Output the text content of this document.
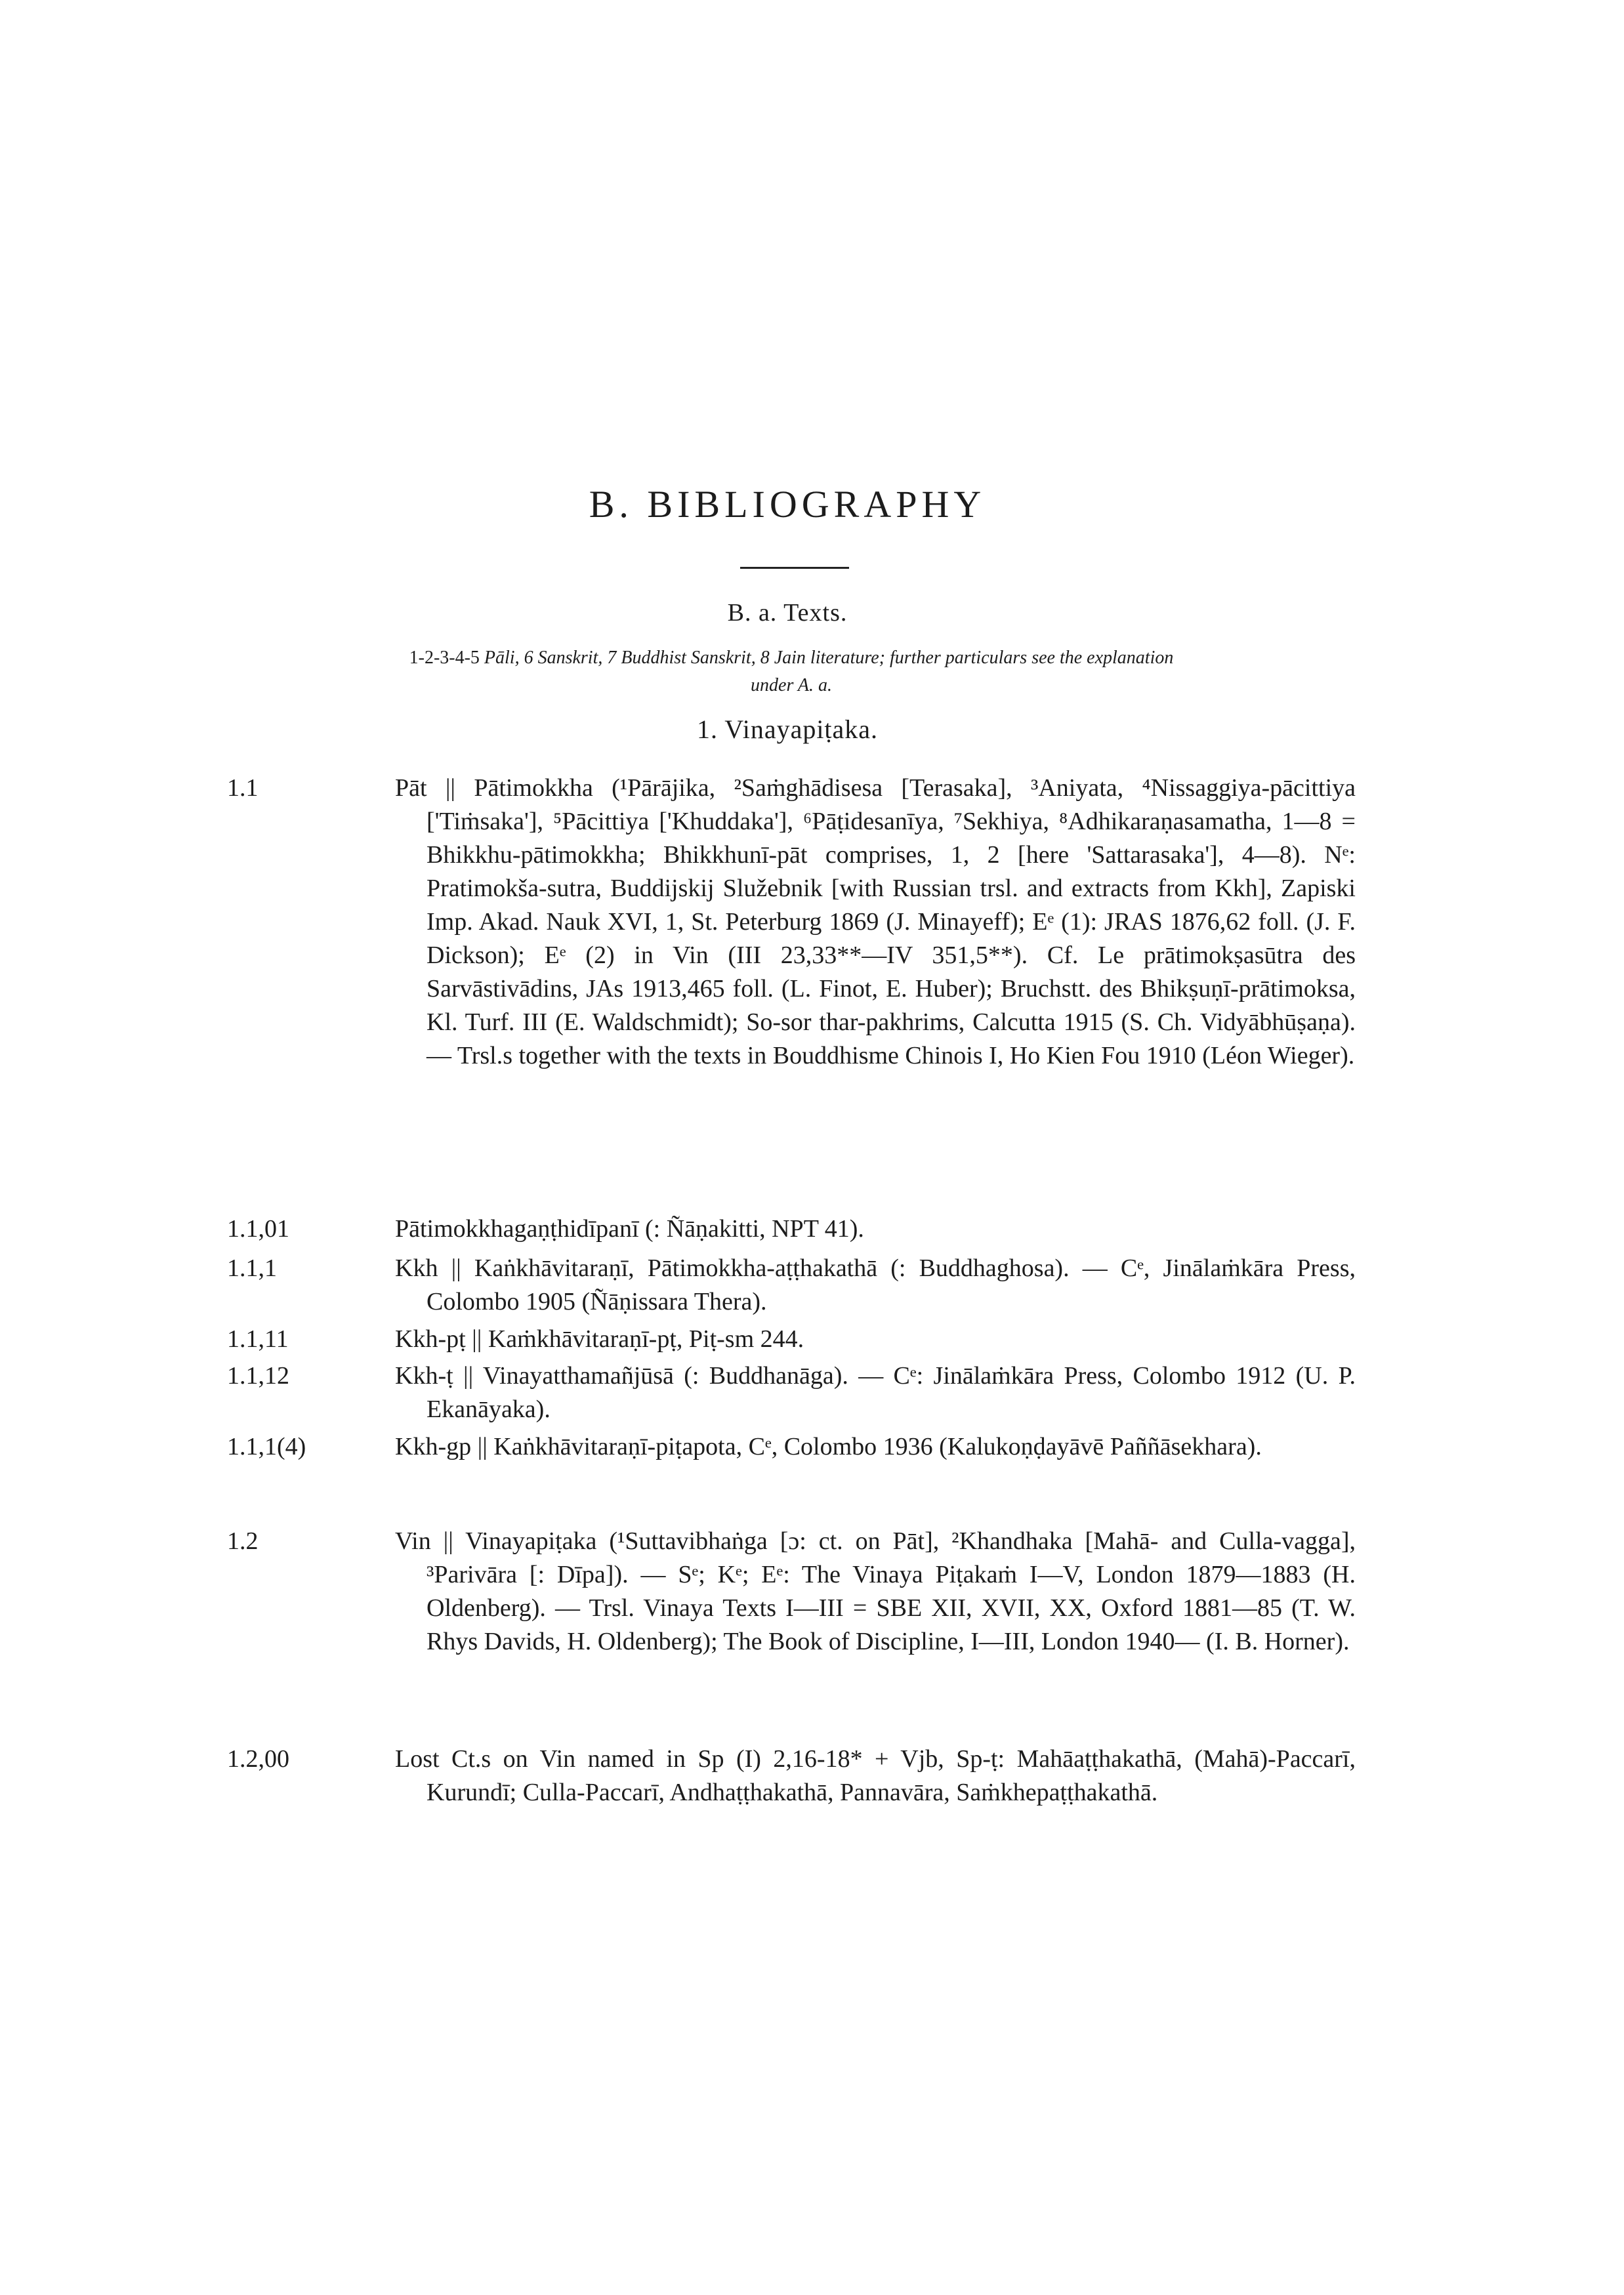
B. BIBLIOGRAPHY
B. a. Texts.
1-2-3-4-5 Pāli, 6 Sanskrit, 7 Buddhist Sanskrit, 8 Jain literature; further particulars see the explanation
under A. a.
1. Vinayapiṭaka.
1.1	Pāt || Pātimokkha (¹Pārājika, ²Saṁghādisesa [Terasaka], ³Aniyata, ⁴Nissaggiya-pācittiya ['Tiṁsaka'], ⁵Pācittiya ['Khuddaka'], ⁶Pāṭidesanīya, ⁷Sekhiya, ⁸Adhikaraṇasamatha, 1—8 = Bhikkhu-pātimokkha; Bhikkhunī-pāt comprises, 1, 2 [here 'Sattarasaka'], 4—8). Nᵉ: Pratimokša-sutra, Buddijskij Služebnik [with Russian trsl. and extracts from Kkh], Zapiski Imp. Akad. Nauk XVI, 1, St. Peterburg 1869 (J. Minayeff); Eᵉ (1): JRAS 1876,62 foll. (J. F. Dickson); Eᵉ (2) in Vin (III 23,33**—IV 351,5**). Cf. Le prātimokṣasūtra des Sarvāstivādins, JAs 1913,465 foll. (L. Finot, E. Huber); Bruchstt. des Bhikṣuṇī-prātimoksa, Kl. Turf. III (E. Waldschmidt); So-sor thar-pakhrims, Calcutta 1915 (S. Ch. Vidyābhūṣaṇa). — Trsl.s together with the texts in Bouddhisme Chinois I, Ho Kien Fou 1910 (Léon Wieger).
1.1,01	Pātimokkhagaṇṭhidīpanī (: Ñāṇakitti, NPT 41).
1.1,1	Kkh || Kaṅkhāvitaraṇī, Pātimokkha-aṭṭhakathā (: Buddhaghosa). — Cᵉ, Jinālaṁkāra Press, Colombo 1905 (Ñāṇissara Thera).
1.1,11	Kkh-pṭ || Kaṁkhāvitaraṇī-pṭ, Piṭ-sm 244.
1.1,12	Kkh-ṭ || Vinayatthamañjūsā (: Buddhanāga). — Cᵉ: Jinālaṁkāra Press, Colombo 1912 (U. P. Ekanāyaka).
1.1,1(4)	Kkh-gp || Kaṅkhāvitaraṇī-piṭapota, Cᵉ, Colombo 1936 (Kalukoṇḍayāvē Paññāsekhara).
1.2	Vin || Vinayapiṭaka (¹Suttavibhaṅga [ɔ: ct. on Pāt], ²Khandhaka [Mahā- and Culla-vagga], ³Parivāra [: Dīpa]). — Sᵉ; Kᵉ; Eᵉ: The Vinaya Piṭakaṁ I—V, London 1879—1883 (H. Oldenberg). — Trsl. Vinaya Texts I—III = SBE XII, XVII, XX, Oxford 1881—85 (T. W. Rhys Davids, H. Oldenberg); The Book of Discipline, I—III, London 1940— (I. B. Horner).
1.2,00	Lost Ct.s on Vin named in Sp (I) 2,16-18* + Vjb, Sp-ṭ: Mahāaṭṭhakathā, (Mahā)-Paccarī, Kurundī; Culla-Paccarī, Andhaṭṭhakathā, Pannavāra, Saṁkhepaṭṭhakathā.
